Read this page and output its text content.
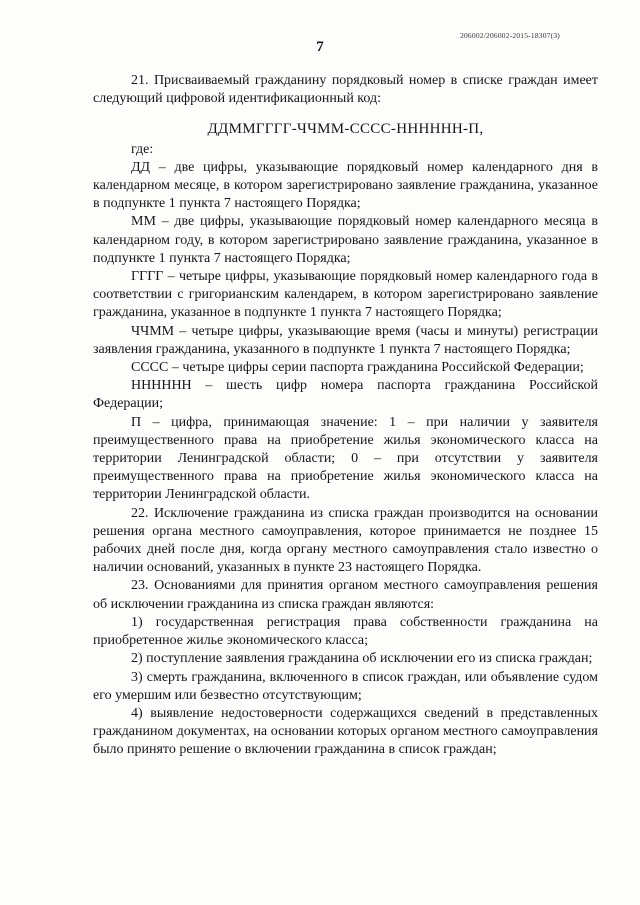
206002/206002-2015-18307(3)
7

21. Присваиваемый гражданину порядковый номер в списке граждан имеет следующий цифровой идентификационный код:

ДДММГГГГ-ЧЧММ-СССС-НННННН-П,

где:

ДД – две цифры, указывающие порядковый номер календарного дня в календарном месяце, в котором зарегистрировано заявление гражданина, указанное в подпункте 1 пункта 7 настоящего Порядка;

ММ – две цифры, указывающие порядковый номер календарного месяца в календарном году, в котором зарегистрировано заявление гражданина, указанное в подпункте 1 пункта 7 настоящего Порядка;

ГГГГ – четыре цифры, указывающие порядковый номер календарного года в соответствии с григорианским календарем, в котором зарегистрировано заявление гражданина, указанное в подпункте 1 пункта 7 настоящего Порядка;

ЧЧММ – четыре цифры, указывающие время (часы и минуты) регистрации заявления гражданина, указанного в подпункте 1 пункта 7 настоящего Порядка;

СССС – четыре цифры серии паспорта гражданина Российской Федерации;

НННННН – шесть цифр номера паспорта гражданина Российской Федерации;

П – цифра, принимающая значение: 1 – при наличии у заявителя преимущественного права на приобретение жилья экономического класса на территории Ленинградской области; 0 – при отсутствии у заявителя преимущественного права на приобретение жилья экономического класса на территории Ленинградской области.

22. Исключение гражданина из списка граждан производится на основании решения органа местного самоуправления, которое принимается не позднее 15 рабочих дней после дня, когда органу местного самоуправления стало известно о наличии оснований, указанных в пункте 23 настоящего Порядка.

23. Основаниями для принятия органом местного самоуправления решения об исключении гражданина из списка граждан являются:

1) государственная регистрация права собственности гражданина на приобретенное жилье экономического класса;

2) поступление заявления гражданина об исключении его из списка граждан;

3) смерть гражданина, включенного в список граждан, или объявление судом его умершим или безвестно отсутствующим;

4) выявление недостоверности содержащихся сведений в представленных гражданином документах, на основании которых органом местного самоуправления было принято решение о включении гражданина в список граждан;
